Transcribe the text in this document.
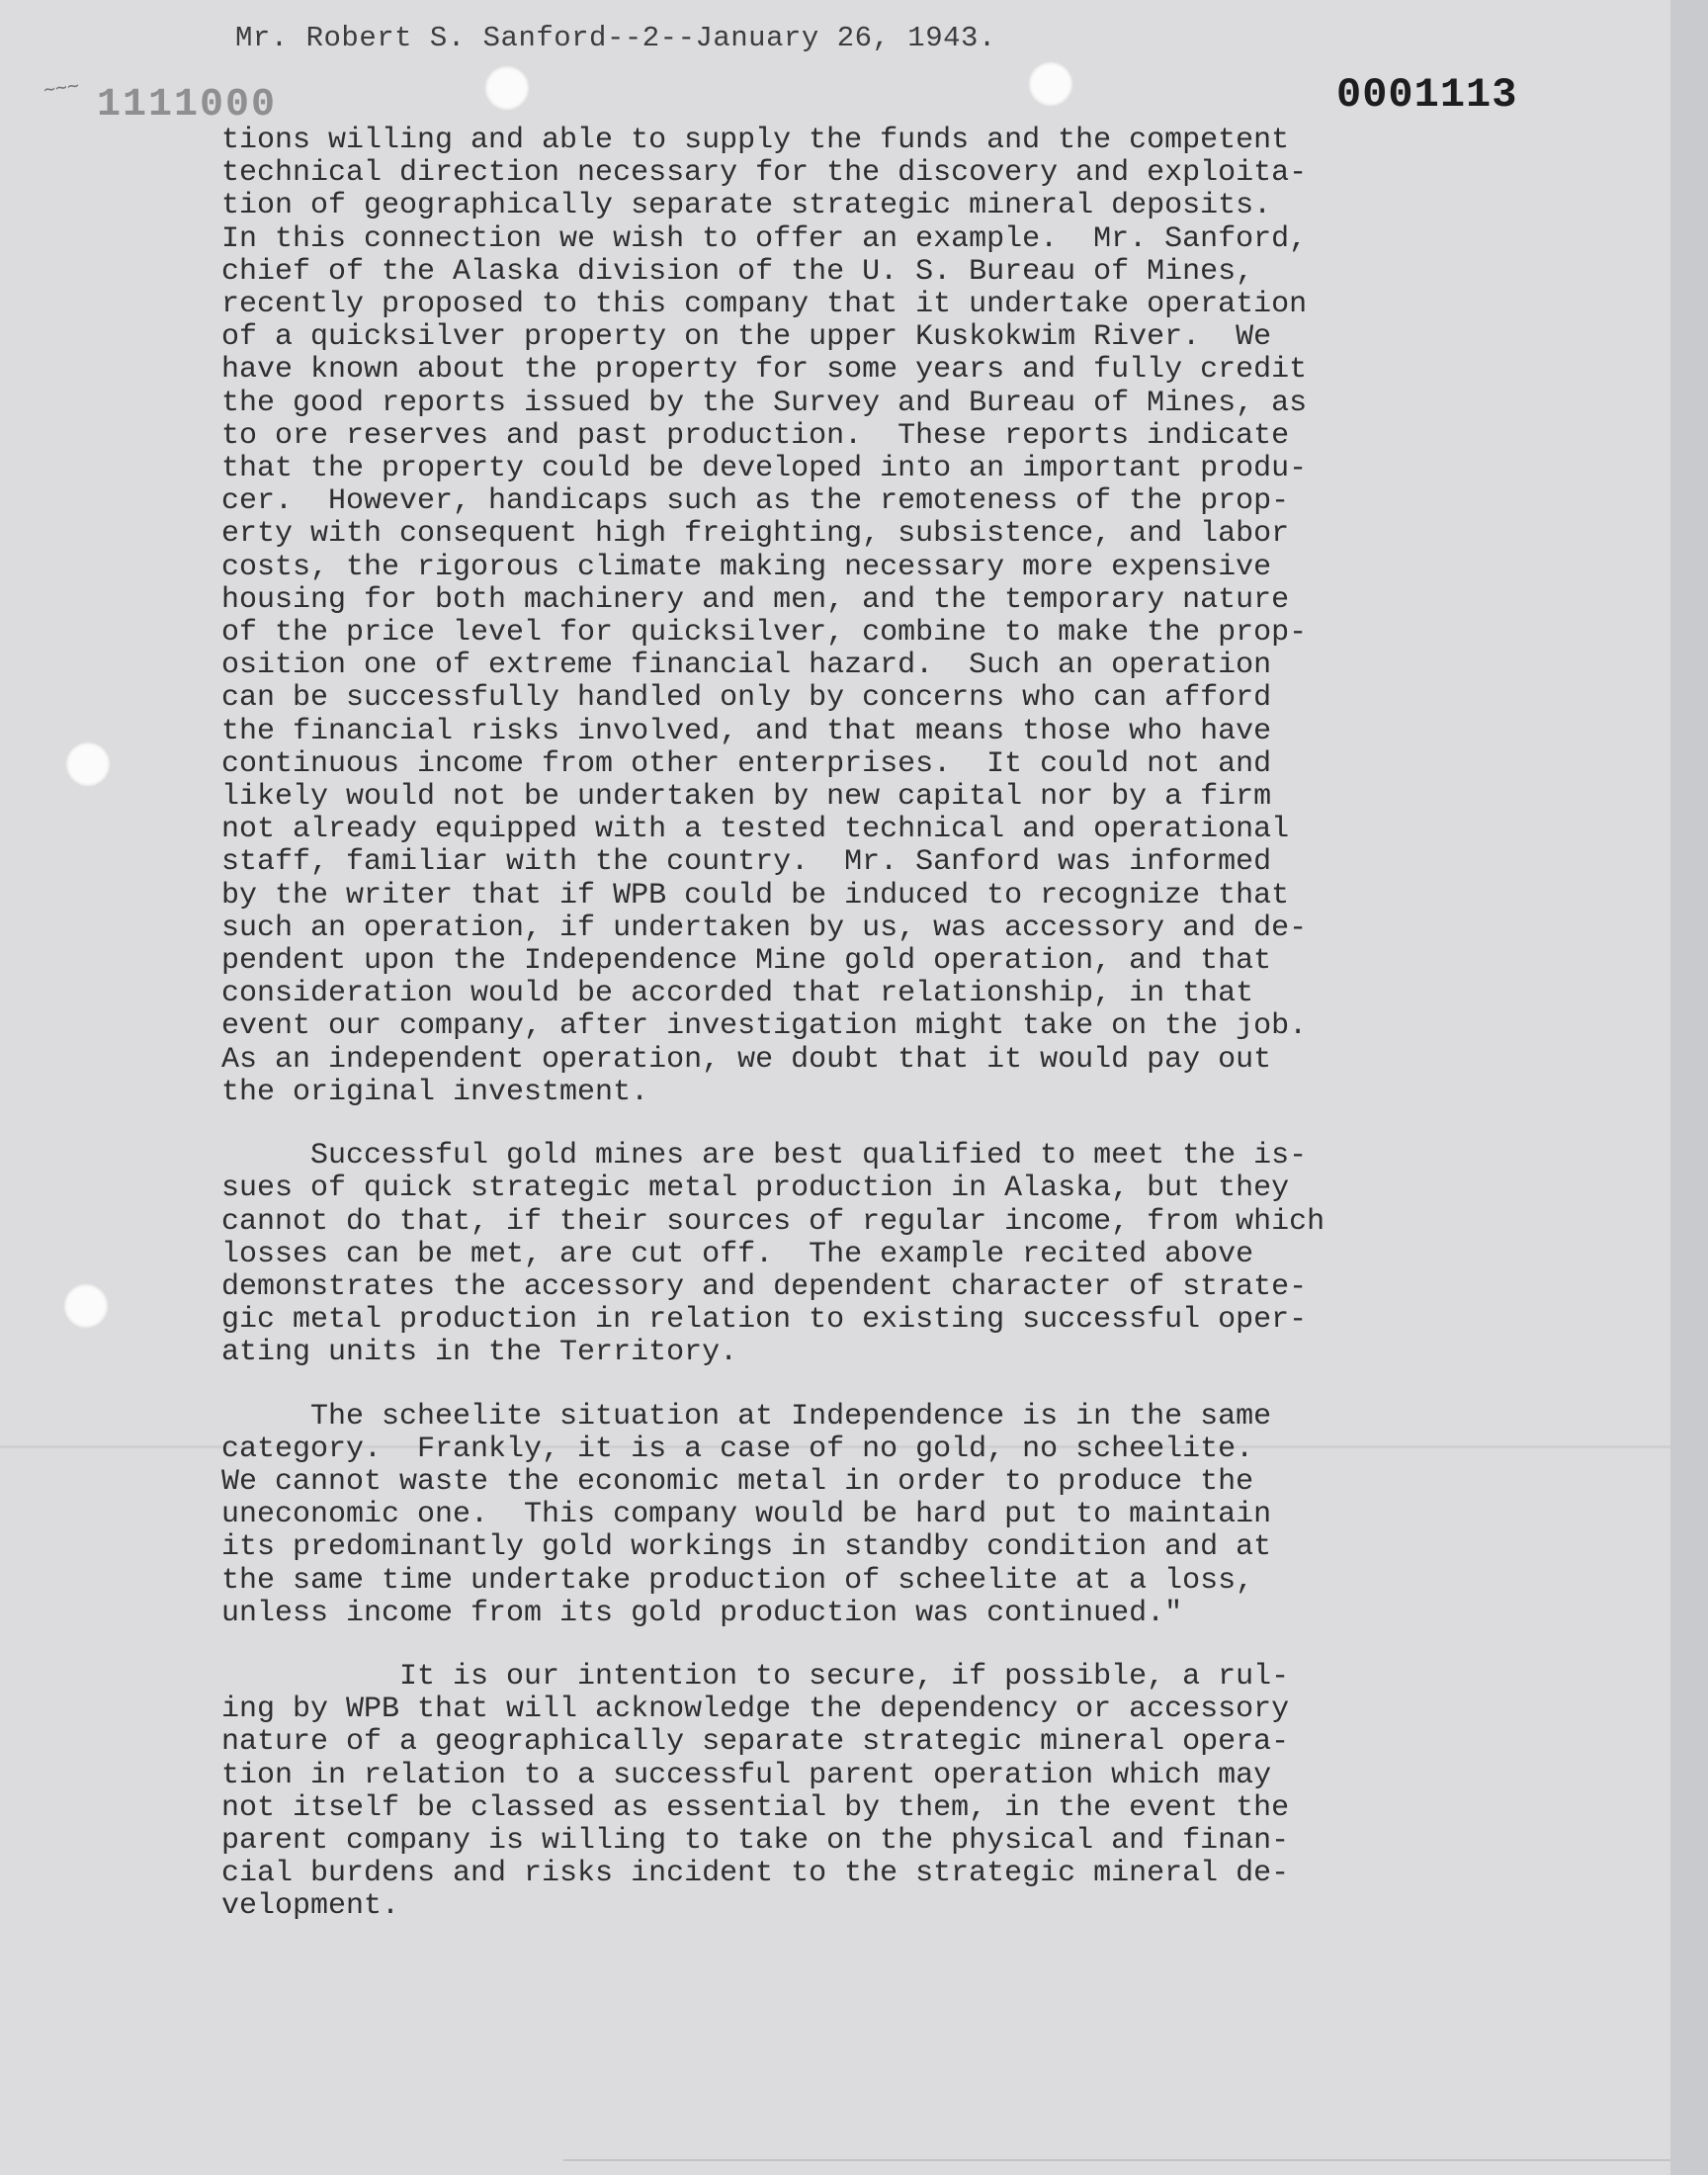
Mr. Robert S. Sanford--2--January 26, 1943.
∼∼∼ 1111000	0001113
tions willing and able to supply the funds and the competent
technical direction necessary for the discovery and exploita-
tion of geographically separate strategic mineral deposits.
In this connection we wish to offer an example.  Mr. Sanford,
chief of the Alaska division of the U. S. Bureau of Mines,
recently proposed to this company that it undertake operation
of a quicksilver property on the upper Kuskokwim River.  We
have known about the property for some years and fully credit
the good reports issued by the Survey and Bureau of Mines, as
to ore reserves and past production.  These reports indicate
that the property could be developed into an important produ-
cer.  However, handicaps such as the remoteness of the prop-
erty with consequent high freighting, subsistence, and labor
costs, the rigorous climate making necessary more expensive
housing for both machinery and men, and the temporary nature
of the price level for quicksilver, combine to make the prop-
osition one of extreme financial hazard.  Such an operation
can be successfully handled only by concerns who can afford
the financial risks involved, and that means those who have
continuous income from other enterprises.  It could not and
likely would not be undertaken by new capital nor by a firm
not already equipped with a tested technical and operational
staff, familiar with the country.  Mr. Sanford was informed
by the writer that if WPB could be induced to recognize that
such an operation, if undertaken by us, was accessory and de-
pendent upon the Independence Mine gold operation, and that
consideration would be accorded that relationship, in that
event our company, after investigation might take on the job.
As an independent operation, we doubt that it would pay out
the original investment.
Successful gold mines are best qualified to meet the is-
sues of quick strategic metal production in Alaska, but they
cannot do that, if their sources of regular income, from which
losses can be met, are cut off.  The example recited above
demonstrates the accessory and dependent character of strate-
gic metal production in relation to existing successful oper-
ating units in the Territory.
The scheelite situation at Independence is in the same
category.  Frankly, it is a case of no gold, no scheelite.
We cannot waste the economic metal in order to produce the
uneconomic one.  This company would be hard put to maintain
its predominantly gold workings in standby condition and at
the same time undertake production of scheelite at a loss,
unless income from its gold production was continued."
It is our intention to secure, if possible, a rul-
ing by WPB that will acknowledge the dependency or accessory
nature of a geographically separate strategic mineral opera-
tion in relation to a successful parent operation which may
not itself be classed as essential by them, in the event the
parent company is willing to take on the physical and finan-
cial burdens and risks incident to the strategic mineral de-
velopment.
